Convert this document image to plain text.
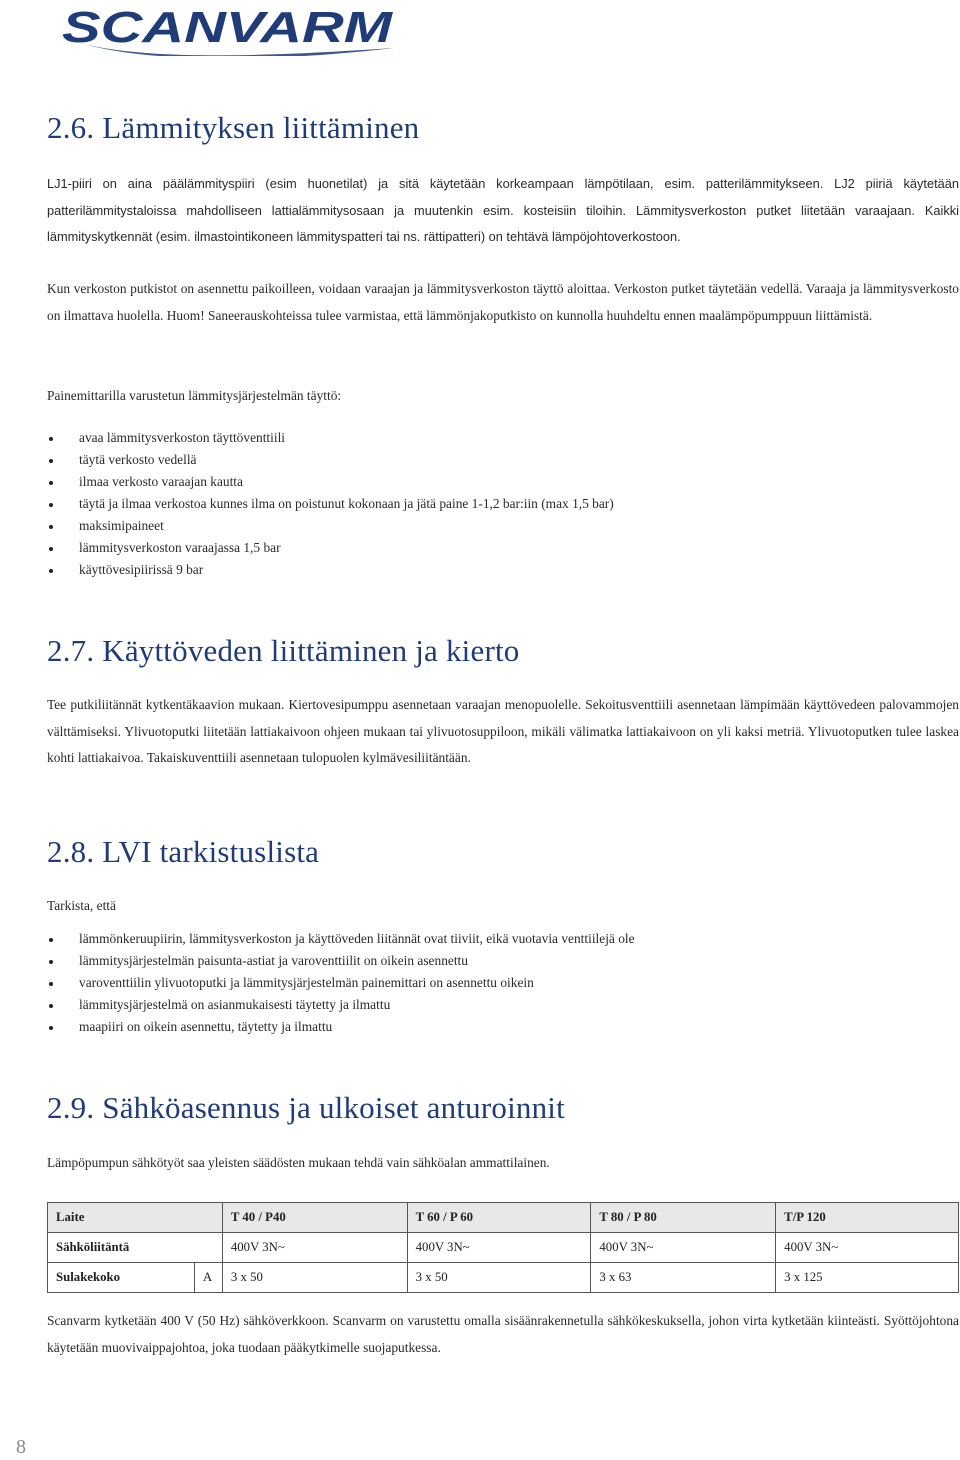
SCANVARM
2.6. Lämmityksen liittäminen

LJ1-piiri on aina päälämmityspiiri (esim huonetilat) ja sitä käytetään korkeampaan lämpötilaan, esim. patterilämmitykseen. LJ2 piiriä käytetään patterilämmitystaloissa mahdolliseen lattialämmitysosaan ja muutenkin esim. kosteisiin tiloihin. Lämmitysverkoston putket liitetään varaajaan. Kaikki lämmityskytkennät (esim. ilmastointikoneen lämmityspatteri tai ns. rättipatteri) on tehtävä lämpöjohtoverkostoon.

Kun verkoston putkistot on asennettu paikoilleen, voidaan varaajan ja lämmitysverkoston täyttö aloittaa. Verkoston putket täytetään vedellä. Varaaja ja lämmitysverkosto on ilmattava huolella. Huom! Saneerauskohteissa tulee varmistaa, että lämmönjakoputkisto on kunnolla huuhdeltu ennen maalämpöpumppuun liittämistä.

Painemittarilla varustetun lämmitysjärjestelmän täyttö:

avaa lämmitysverkoston täyttöventtiili
täytä verkosto vedellä
ilmaa verkosto varaajan kautta
täytä ja ilmaa verkostoa kunnes ilma on poistunut kokonaan ja jätä paine 1-1,2 bar:iin (max 1,5 bar)
maksimipaineet
lämmitysverkoston varaajassa 1,5 bar
käyttövesipiirissä 9 bar
2.7. Käyttöveden liittäminen ja kierto

Tee putkiliitännät kytkentäkaavion mukaan. Kiertovesipumppu asennetaan varaajan menopuolelle. Sekoitusventtiili asennetaan lämpimään käyttövedeen palovammojen välttämiseksi. Ylivuotoputki liitetään lattiakaivoon ohjeen mukaan tai ylivuotosuppiloon, mikäli välimatka lattiakaivoon on yli kaksi metriä. Ylivuotoputken tulee laskea kohti lattiakaivoa. Takaiskuventtiili asennetaan tulopuolen kylmävesiliitäntään.

2.8. LVI tarkistuslista

Tarkista, että

lämmönkeruupiirin, lämmitysverkoston ja käyttöveden liitännät ovat tiiviit, eikä vuotavia venttiilejä ole
lämmitysjärjestelmän paisunta-astiat ja varoventtiilit on oikein asennettu
varoventtiilin ylivuotoputki ja lämmitysjärjestelmän painemittari on asennettu oikein
lämmitysjärjestelmä on asianmukaisesti täytetty ja ilmattu
maapiiri on oikein asennettu, täytetty ja ilmattu
2.9. Sähköasennus ja ulkoiset anturoinnit

Lämpöpumpun sähkötyöt saa yleisten säädösten mukaan tehdä vain sähköalan ammattilainen.

Laite		T 40 / P40	T 60 / P 60	T 80 / P 80	T/P 120
Sähköliitäntä		400V 3N~	400V 3N~	400V 3N~	400V 3N~
Sulakekoko	A	3 x 50	3 x 50	3 x 63	3 x 125

Scanvarm kytketään 400 V (50 Hz) sähköverkkoon. Scanvarm on varustettu omalla sisäänrakennetulla sähkökeskuksella, johon virta kytketään kiinteästi. Syöttöjohtona käytetään muovivaippajohtoa, joka tuodaan pääkytkimelle suojaputkessa.

8
